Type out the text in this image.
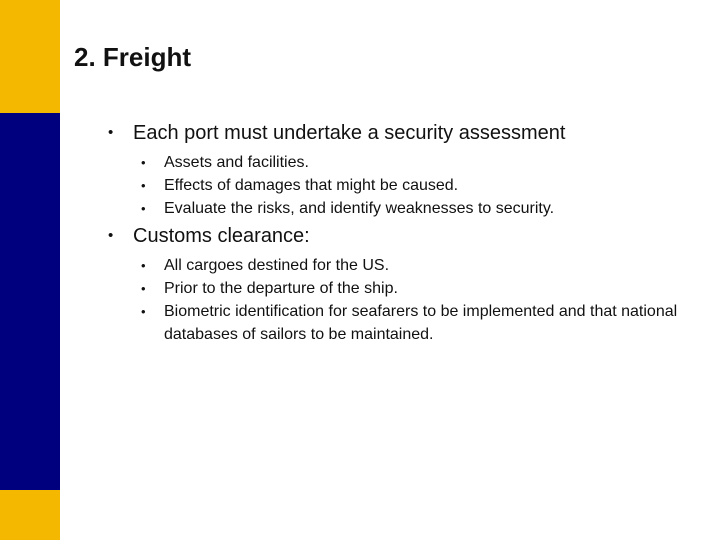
2. Freight
• Each port must undertake a security assessment
• Assets and facilities.
• Effects of damages that might be caused.
• Evaluate the risks, and identify weaknesses to security.
• Customs clearance:
• All cargoes destined for the US.
• Prior to the departure of the ship.
• Biometric identification for seafarers to be implemented and that national databases of sailors to be maintained.
